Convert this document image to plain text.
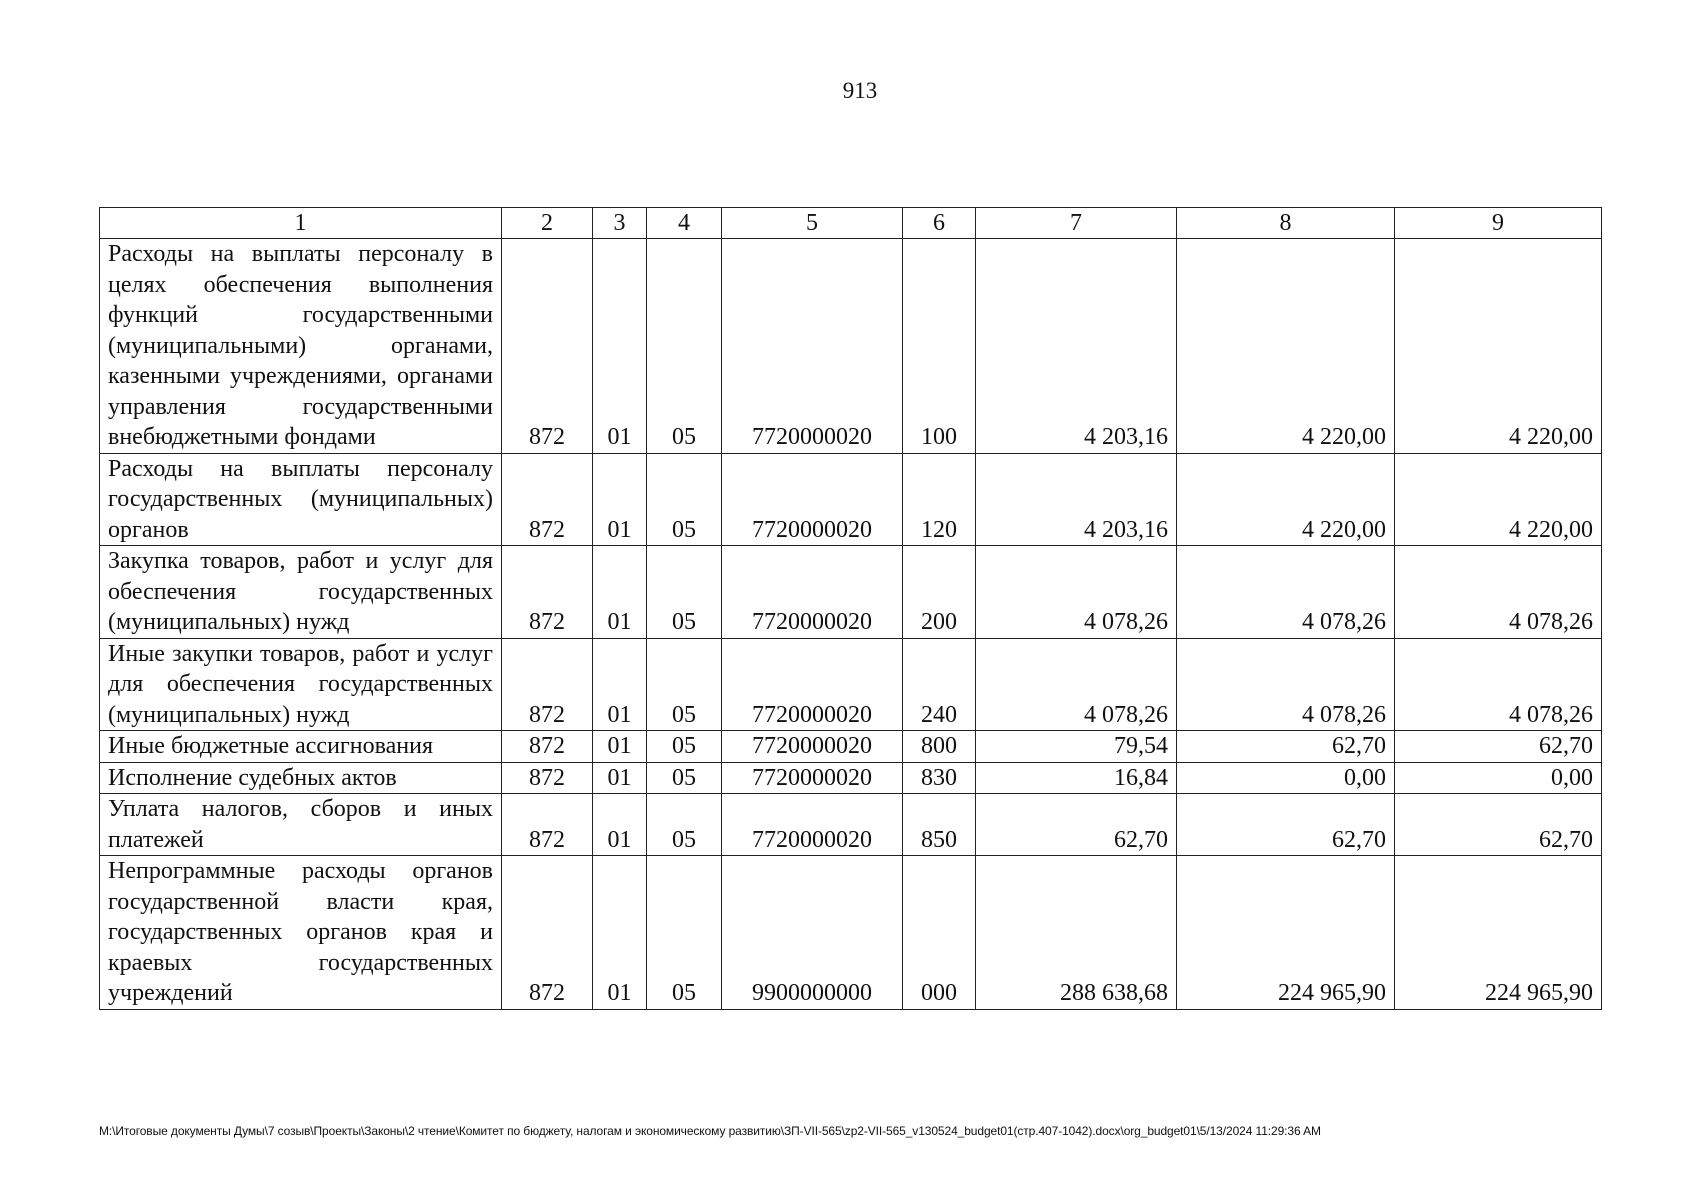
913
1	2	3	4	5	6	7	8	9
Расходы на выплаты персоналу в целях обеспечения выполнения функций государственными (муниципальными) органами, казенными учреждениями, органами управления государственными внебюджетными фондами	872	01	05	7720000020	100	4 203,16	4 220,00	4 220,00
Расходы на выплаты персоналу государственных (муниципальных) органов	872	01	05	7720000020	120	4 203,16	4 220,00	4 220,00
Закупка товаров, работ и услуг для обеспечения государственных (муниципальных) нужд	872	01	05	7720000020	200	4 078,26	4 078,26	4 078,26
Иные закупки товаров, работ и услуг для обеспечения государственных (муниципальных) нужд	872	01	05	7720000020	240	4 078,26	4 078,26	4 078,26
Иные бюджетные ассигнования	872	01	05	7720000020	800	79,54	62,70	62,70
Исполнение судебных актов	872	01	05	7720000020	830	16,84	0,00	0,00
Уплата налогов, сборов и иных платежей	872	01	05	7720000020	850	62,70	62,70	62,70
Непрограммные расходы органов государственной власти края, государственных органов края и краевых государственных учреждений	872	01	05	9900000000	000	288 638,68	224 965,90	224 965,90
M:\Итоговые документы Думы\7 созыв\Проекты\Законы\2 чтение\Комитет по бюджету, налогам и экономическому развитию\ЗП-VII-565\zp2-VII-565_v130524_budget01(стр.407-1042).docx\org_budget01\5/13/2024 11:29:36 AM
